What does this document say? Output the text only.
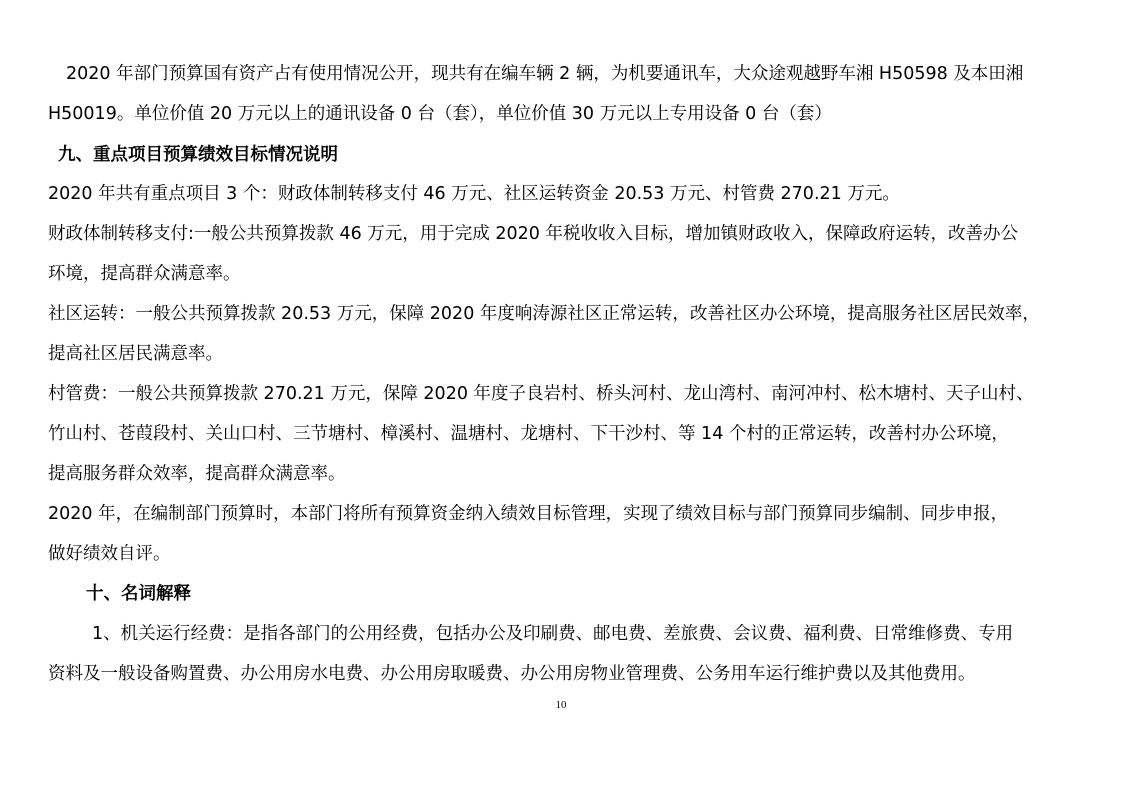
2020 年部门预算国有资产占有使用情况公开，现共有在编车辆 2 辆，为机要通讯车，大众途观越野车湘 H50598 及本田湘
H50019。单位价值 20 万元以上的通讯设备 0 台（套），单位价值 30 万元以上专用设备 0 台（套）
九、重点项目预算绩效目标情况说明
2020 年共有重点项目 3 个：财政体制转移支付 46 万元、社区运转资金 20.53 万元、村管费 270.21 万元。
财政体制转移支付:一般公共预算拨款 46 万元，用于完成 2020 年税收收入目标，增加镇财政收入，保障政府运转，改善办公
环境，提高群众满意率。
社区运转：一般公共预算拨款 20.53 万元，保障 2020 年度响涛源社区正常运转，改善社区办公环境，提高服务社区居民效率，
提高社区居民满意率。
村管费：一般公共预算拨款 270.21 万元，保障 2020 年度子良岩村、桥头河村、龙山湾村、南河冲村、松木塘村、天子山村、
竹山村、苍葭段村、关山口村、三节塘村、樟溪村、温塘村、龙塘村、下干沙村、等 14 个村的正常运转，改善村办公环境，
提高服务群众效率，提高群众满意率。
2020 年，在编制部门预算时，本部门将所有预算资金纳入绩效目标管理，实现了绩效目标与部门预算同步编制、同步申报，
做好绩效自评。
十、名词解释
1、机关运行经费：是指各部门的公用经费，包括办公及印刷费、邮电费、差旅费、会议费、福利费、日常维修费、专用
资料及一般设备购置费、办公用房水电费、办公用房取暖费、办公用房物业管理费、公务用车运行维护费以及其他费用。
10
